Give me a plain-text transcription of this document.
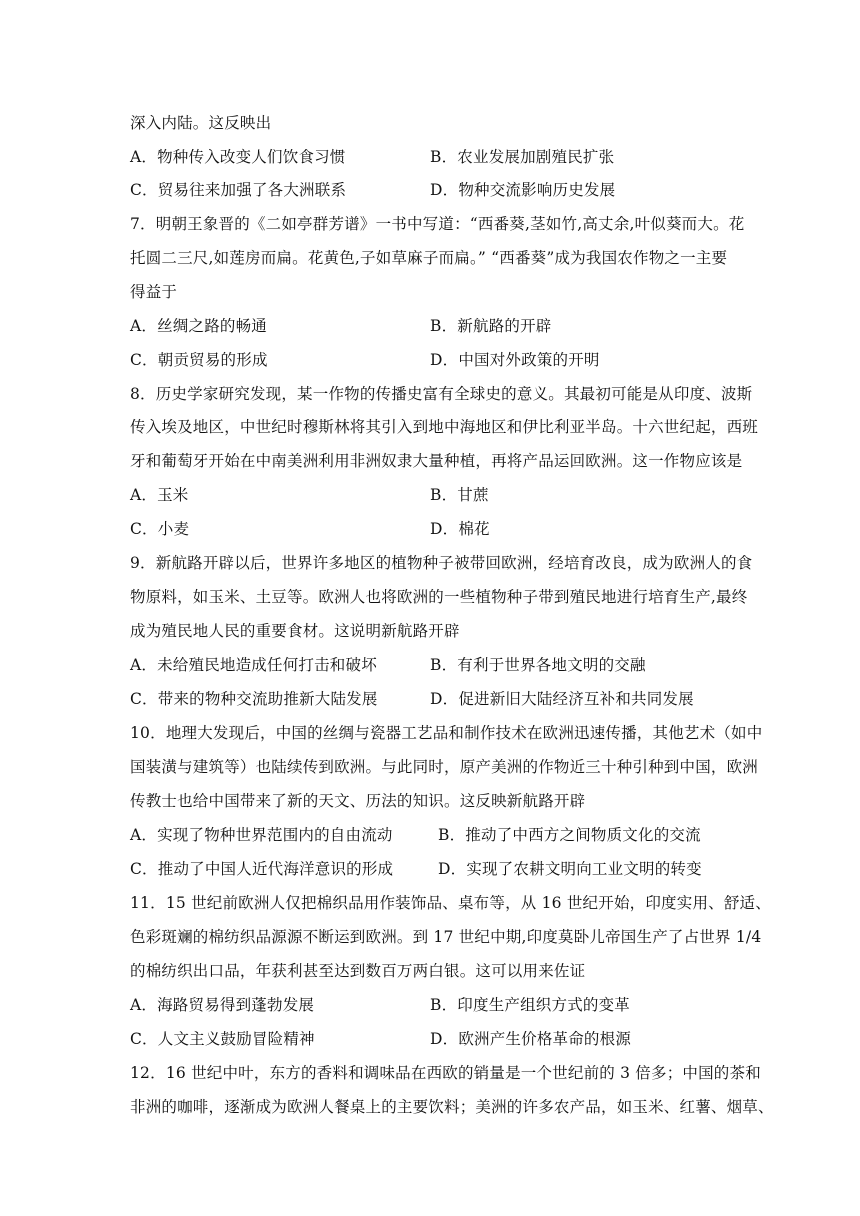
深入内陆。这反映出
A．物种传入改变人们饮食习惯	B．农业发展加剧殖民扩张
C．贸易往来加强了各大洲联系	D．物种交流影响历史发展
7．明朝王象晋的《二如亭群芳谱》一书中写道：“西番葵,茎如竹,高丈余,叶似葵而大。花
托圆二三尺,如莲房而扁。花黄色,子如草麻子而扁。” “西番葵”成为我国农作物之一主要
得益于
A．丝绸之路的畅通	B．新航路的开辟
C．朝贡贸易的形成	D．中国对外政策的开明
8．历史学家研究发现，某一作物的传播史富有全球史的意义。其最初可能是从印度、波斯
传入埃及地区，中世纪时穆斯林将其引入到地中海地区和伊比利亚半岛。十六世纪起，西班
牙和葡萄牙开始在中南美洲利用非洲奴隶大量种植，再将产品运回欧洲。这一作物应该是
A．玉米	B．甘蔗
C．小麦	D．棉花
9．新航路开辟以后，世界许多地区的植物种子被带回欧洲，经培育改良，成为欧洲人的食
物原料，如玉米、土豆等。欧洲人也将欧洲的一些植物种子带到殖民地进行培育生产,最终
成为殖民地人民的重要食材。这说明新航路开辟
A．未给殖民地造成任何打击和破坏	B．有利于世界各地文明的交融
C．带来的物种交流助推新大陆发展	D．促进新旧大陆经济互补和共同发展
10．地理大发现后，中国的丝绸与瓷器工艺品和制作技术在欧洲迅速传播，其他艺术（如中
国装潢与建筑等）也陆续传到欧洲。与此同时，原产美洲的作物近三十种引种到中国，欧洲
传教士也给中国带来了新的天文、历法的知识。这反映新航路开辟
A．实现了物种世界范围内的自由流动	B．推动了中西方之间物质文化的交流
C．推动了中国人近代海洋意识的形成	D．实现了农耕文明向工业文明的转变
11．15 世纪前欧洲人仅把棉织品用作装饰品、桌布等，从 16 世纪开始，印度实用、舒适、
色彩斑斓的棉纺织品源源不断运到欧洲。到 17 世纪中期,印度莫卧儿帝国生产了占世界 1/4
的棉纺织出口品，年获利甚至达到数百万两白银。这可以用来佐证
A．海路贸易得到蓬勃发展	B．印度生产组织方式的变革
C．人文主义鼓励冒险精神	D．欧洲产生价格革命的根源
12．16 世纪中叶，东方的香料和调味品在西欧的销量是一个世纪前的 3 倍多；中国的茶和
非洲的咖啡，逐渐成为欧洲人餐桌上的主要饮料；美洲的许多农产品，如玉米、红薯、烟草、
